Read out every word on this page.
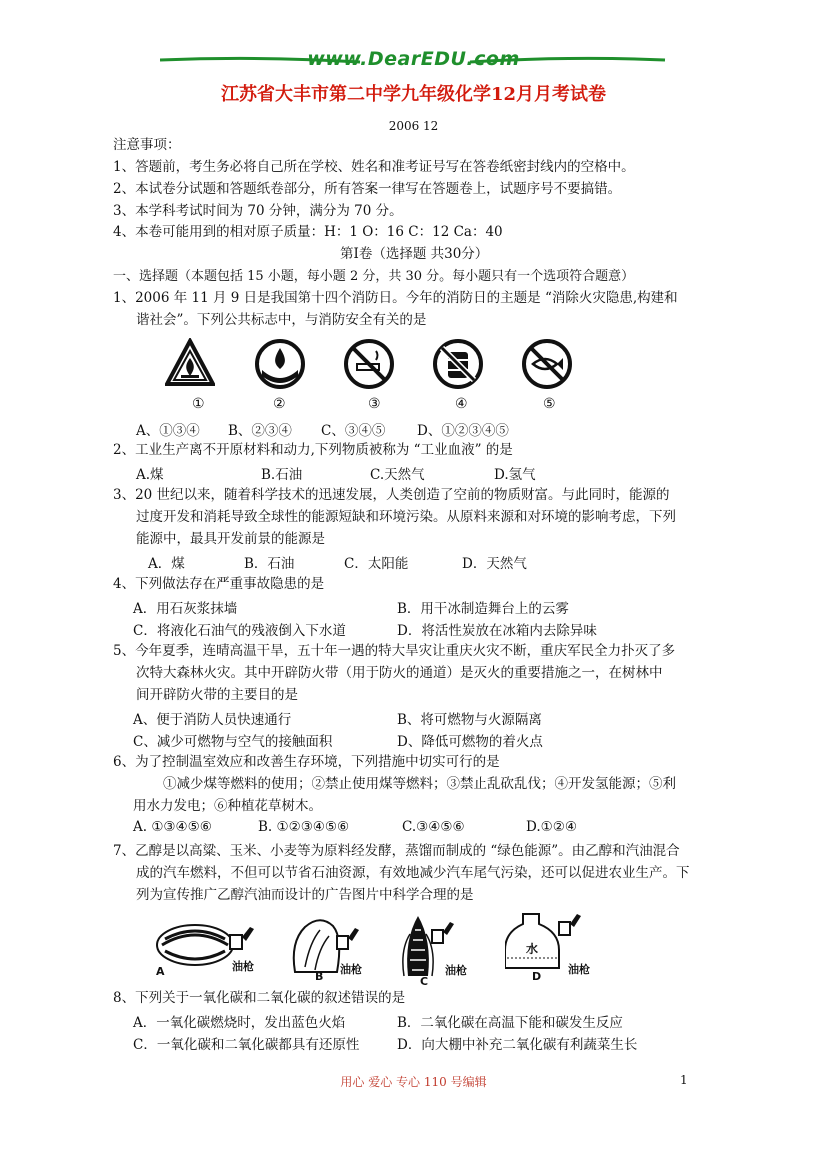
www.DearEDU.com
江苏省大丰市第二中学九年级化学12月月考试卷
2006 12
注意事项：
1、答题前，考生务必将自己所在学校、姓名和准考证号写在答卷纸密封线内的空格中。
2、本试卷分试题和答题纸卷部分，所有答案一律写在答题卷上，试题序号不要搞错。
3、本学科考试时间为 70 分钟，满分为 70 分。
4、本卷可能用到的相对原子质量：H：1 O：16 C：12 Ca：40
第Ⅰ卷（选择题 共30分）
一、选择题（本题包括 15 小题，每小题 2 分，共 30 分。每小题只有一个选项符合题意）
1、2006 年 11 月 9 日是我国第十四个消防日。今年的消防日的主题是 “消除火灾隐患,构建和
谐社会”。下列公共标志中，与消防安全有关的是
①	②	③	④	⑤
A、①③④ B、②③④ C、③④⑤ D、①②③④⑤
2、工业生产离不开原材料和动力,下列物质被称为 “工业血液” 的是
A.煤	B.石油	C.天然气	D.氢气
3、20 世纪以来，随着科学技术的迅速发展，人类创造了空前的物质财富。与此同时，能源的
过度开发和消耗导致全球性的能源短缺和环境污染。从原料来源和对环境的影响考虑，下列
能源中，最具开发前景的能源是
A．煤	B．石油	C．太阳能	D．天然气
4、下列做法存在严重事故隐患的是
A．用石灰浆抹墙	B．用干冰制造舞台上的云雾
C．将液化石油气的残液倒入下水道	D．将活性炭放在冰箱内去除异味
5、今年夏季，连晴高温干旱，五十年一遇的特大旱灾让重庆火灾不断，重庆军民全力扑灭了多
次特大森林火灾。其中开辟防火带（用于防火的通道）是灭火的重要措施之一，在树林中
间开辟防火带的主要目的是
A、便于消防人员快速通行	B、将可燃物与火源隔离
C、减少可燃物与空气的接触面积	D、降低可燃物的着火点
6、为了控制温室效应和改善生存环境，下列措施中切实可行的是
①减少煤等燃料的使用；②禁止使用煤等燃料；③禁止乱砍乱伐；④开发氢能源；⑤利
用水力发电；⑥种植花草树木。
A. ①③④⑤⑥	B. ①②③④⑤⑥	C.③④⑤⑥	D.①②④
7、乙醇是以高粱、玉米、小麦等为原料经发酵，蒸馏而制成的 “绿色能源”。由乙醇和汽油混合
成的汽车燃料，不但可以节省石油资源，有效地减少汽车尾气污染，还可以促进农业生产。下
列为宣传推广乙醇汽油而设计的广告图片中科学合理的是
水
A	油枪
B
油枪
C
油枪	D
油枪
8、下列关于一氧化碳和二氧化碳的叙述错误的是
A．一氧化碳燃烧时，发出蓝色火焰	B．二氧化碳在高温下能和碳发生反应
C．一氧化碳和二氧化碳都具有还原性	D．向大棚中补充二氧化碳有利蔬菜生长
用心 爱心 专心 110 号编辑	1
